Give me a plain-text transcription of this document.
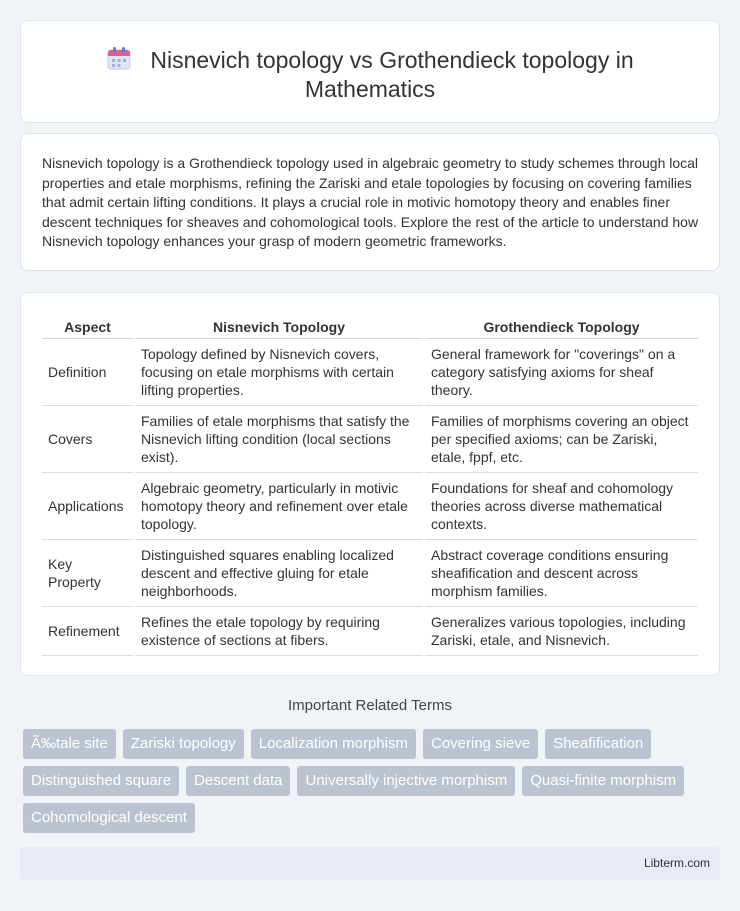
Nisnevich topology vs Grothendieck topology in
Mathematics

Nisnevich topology is a Grothendieck topology used in algebraic geometry to study schemes through local properties and etale morphisms, refining the Zariski and etale topologies by focusing on covering families that admit certain lifting conditions. It plays a crucial role in motivic homotopy theory and enables finer descent techniques for sheaves and cohomological tools. Explore the rest of the article to understand how Nisnevich topology enhances your grasp of modern geometric frameworks.

Aspect	Nisnevich Topology	Grothendieck Topology
Definition	Topology defined by Nisnevich covers, focusing on etale morphisms with certain lifting properties.	General framework for "coverings" on a category satisfying axioms for sheaf theory.
Covers	Families of etale morphisms that satisfy the Nisnevich lifting condition (local sections exist).	Families of morphisms covering an object per specified axioms; can be Zariski, etale, fppf, etc.
Applications	Algebraic geometry, particularly in motivic homotopy theory and refinement over etale topology.	Foundations for sheaf and cohomology theories across diverse mathematical contexts.
Key Property	Distinguished squares enabling localized descent and effective gluing for etale neighborhoods.	Abstract coverage conditions ensuring sheafification and descent across morphism families.
Refinement	Refines the etale topology by requiring existence of sections at fibers.	Generalizes various topologies, including Zariski, etale, and Nisnevich.
Important Related Terms
Ã‰tale site	Zariski topology	Localization morphism	Covering sieve	Sheafification
Distinguished square	Descent data	Universally injective morphism	Quasi-finite morphism
Cohomological descent
Libterm.com
